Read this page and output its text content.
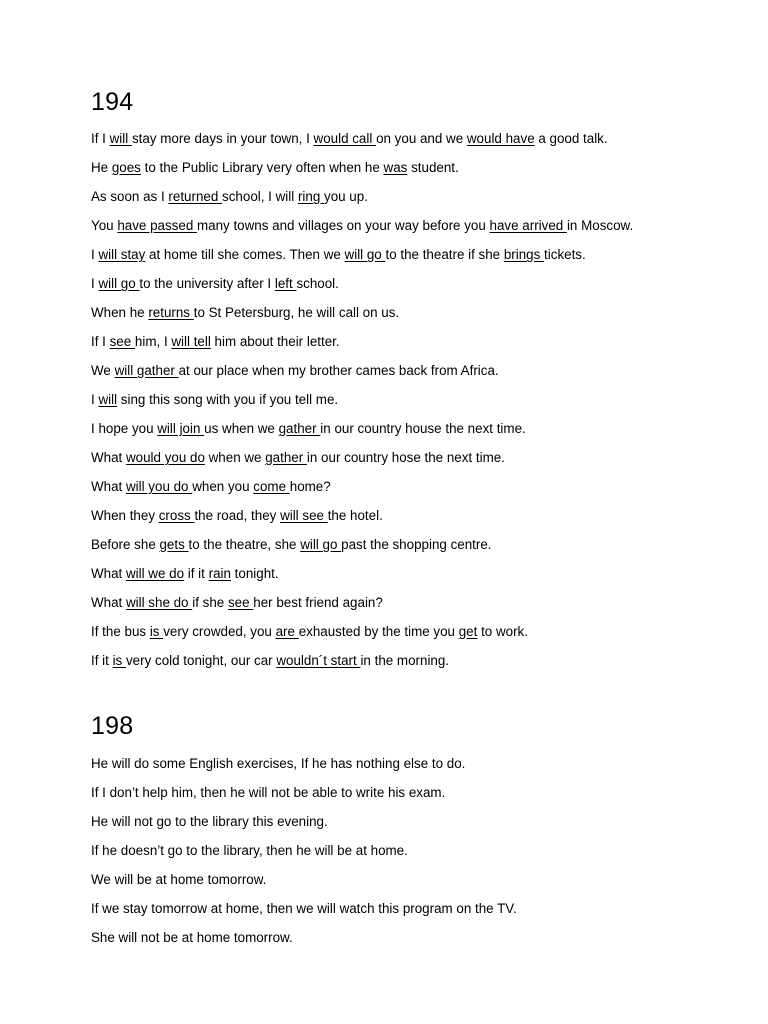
194
If I will stay more days in your town, I would call on you and we would have a good talk.
He goes to the Public Library very often when he was student.
As soon as I returned school, I will ring you up.
You have passed many towns and villages on your way before you have arrived in Moscow.
I will stay at home till she comes. Then we will go to the theatre if she brings tickets.
I will go to the university after I left school.
When he returns to St Petersburg, he will call on us.
If I see him, I will tell him about their letter.
We will gather at our place when my brother cames back from Africa.
I will sing this song with you if you tell me.
I hope you will join us when we gather in our country house the next time.
What would you do when we gather in our country hose the next time.
What will you do when you come home?
When they cross the road, they will see the hotel.
Before she gets to the theatre, she will go past the shopping centre.
What will we do if it rain tonight.
What will she do if she see her best friend again?
If the bus is very crowded, you are exhausted by the time you get to work.
If it is very cold tonight, our car wouldn´t start in the morning.
198
He will do some English exercises, If he has nothing else to do.
If I don’t help him, then he will not be able to write his exam.
He will not go to the library this evening.
If he doesn’t go to the library, then he will be at home.
We will be at home tomorrow.
If we stay tomorrow at home, then we will watch this program on the TV.
She will not be at home tomorrow.
